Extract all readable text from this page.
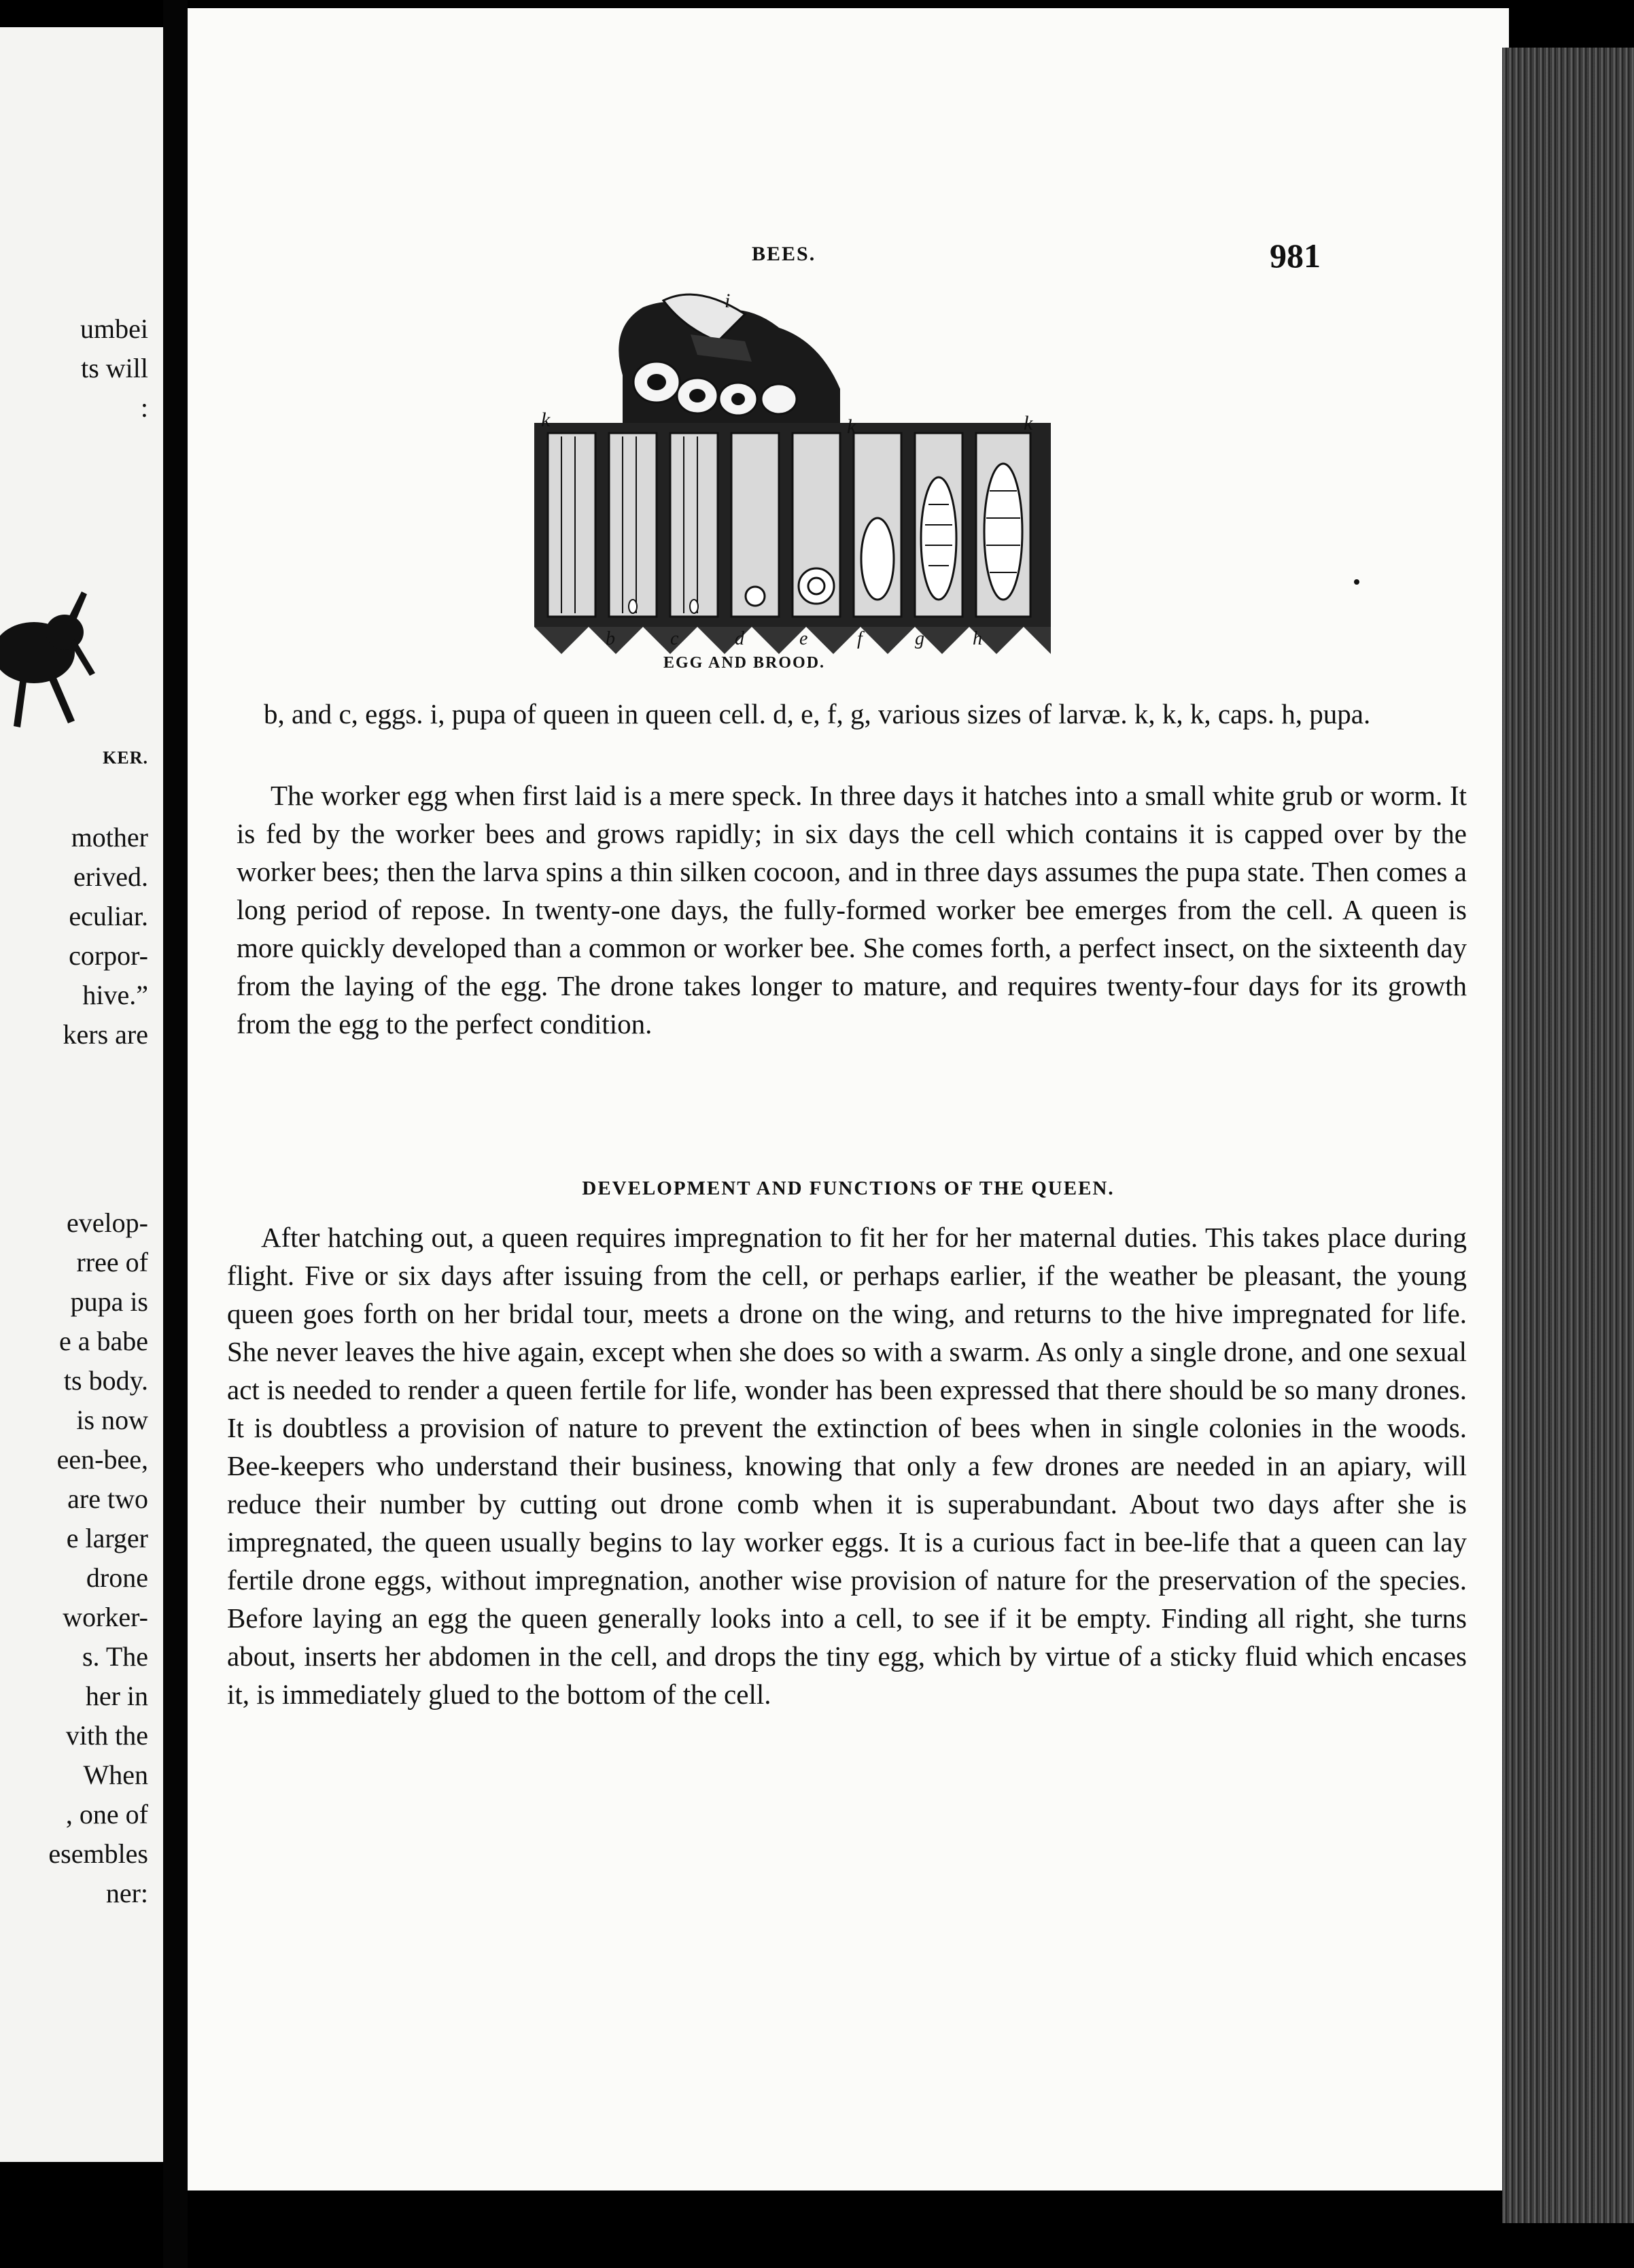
umbei
ts will
:
KER.
mother
erived.
eculiar.
corpor-
hive.”
kers are
evelop-
rree of
pupa is
e a babe
ts body.
is now
een-bee,
are two
e larger
drone
worker-
s. The
her in
vith the
When
, one of
esembles
ner:
BEES.	981
i
k	k	k
b	c	d	e	f	g	h
EGG AND BROOD.

b, and c, eggs. i, pupa of queen in queen cell. d, e, f, g, various sizes of larvæ. k, k, k, caps. h, pupa.

The worker egg when first laid is a mere speck. In three days it hatches into a small white grub or worm. It is fed by the worker bees and grows rapidly; in six days the cell which contains it is capped over by the worker bees; then the larva spins a thin silken cocoon, and in three days assumes the pupa state. Then comes a long period of repose. In twenty-one days, the fully-formed worker bee emerges from the cell. A queen is more quickly developed than a common or worker bee. She comes forth, a perfect insect, on the sixteenth day from the laying of the egg. The drone takes longer to mature, and requires twenty-four days for its growth from the egg to the perfect condition.

DEVELOPMENT AND FUNCTIONS OF THE QUEEN.

After hatching out, a queen requires impregnation to fit her for her maternal duties. This takes place during flight. Five or six days after issuing from the cell, or perhaps earlier, if the weather be pleasant, the young queen goes forth on her bridal tour, meets a drone on the wing, and returns to the hive impregnated for life. She never leaves the hive again, except when she does so with a swarm. As only a single drone, and one sexual act is needed to render a queen fertile for life, wonder has been expressed that there should be so many drones. It is doubtless a provision of nature to prevent the extinction of bees when in single colonies in the woods. Bee-keepers who understand their business, knowing that only a few drones are needed in an apiary, will reduce their number by cutting out drone comb when it is superabundant. About two days after she is impregnated, the queen usually begins to lay worker eggs. It is a curious fact in bee-life that a queen can lay fertile drone eggs, without impregnation, another wise provision of nature for the preservation of the species. Before laying an egg the queen generally looks into a cell, to see if it be empty. Finding all right, she turns about, inserts her abdomen in the cell, and drops the tiny egg, which by virtue of a sticky fluid which encases it, is immediately glued to the bottom of the cell.
